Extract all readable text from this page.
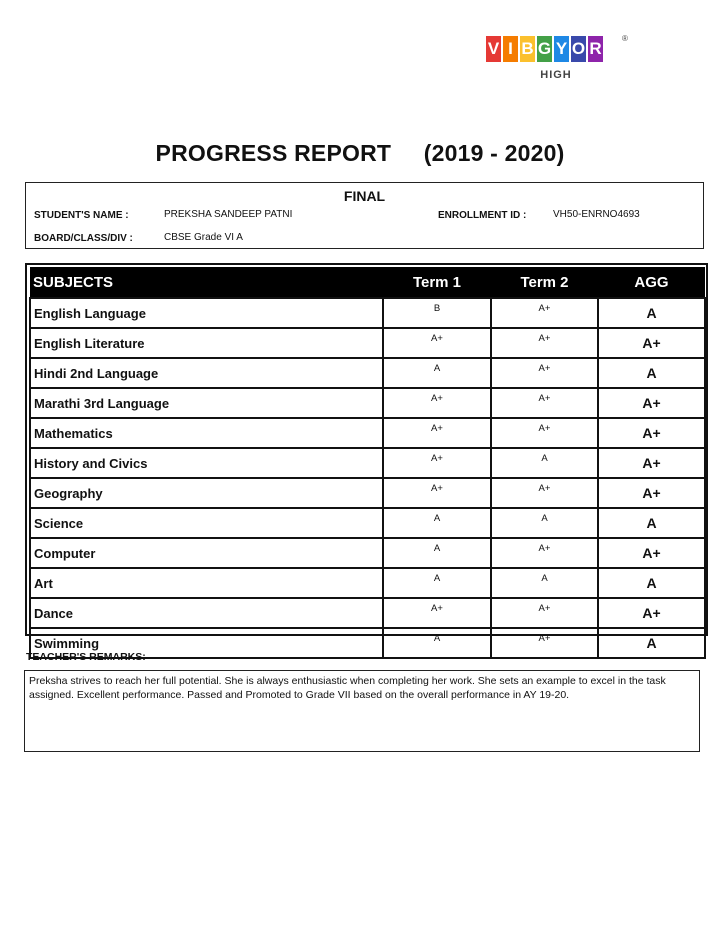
V I B G Y O R
®
HIGH
PROGRESS REPORT (2019 - 2020)
FINAL
STUDENT'S NAME :	PREKSHA SANDEEP PATNI	ENROLLMENT ID :	VH50-ENRNO4693
BOARD/CLASS/DIV :	CBSE Grade VI A
SUBJECTS	Term 1	Term 2	AGG
English Language	B	A+	A
English Literature	A+	A+	A+
Hindi 2nd Language	A	A+	A
Marathi 3rd Language	A+	A+	A+
Mathematics	A+	A+	A+
History and Civics	A+	A	A+
Geography	A+	A+	A+
Science	A	A	A
Computer	A	A+	A+
Art	A	A	A
Dance	A+	A+	A+
Swimming	A	A+	A
TEACHER'S REMARKS:
Preksha strives to reach her full potential. She is always enthusiastic when completing her work. She sets an example to excel in the task assigned. Excellent performance. Passed and Promoted to Grade VII based on the overall performance in AY 19-20.
